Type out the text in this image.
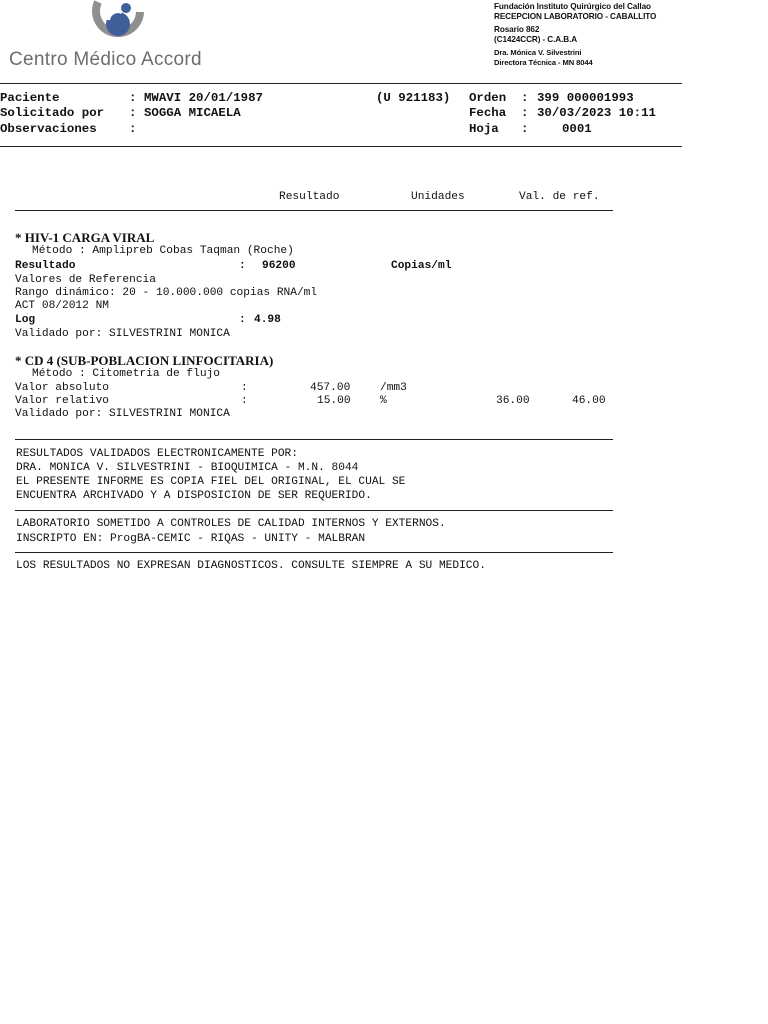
Centro Médico Accord
Fundación Instituto Quirúrgico del Callao
RECEPCION LABORATORIO - CABALLITO
Rosario 862
(C1424CCR) - C.A.B.A
Dra. Mónica V. Silvestrini
Directora Técnica - MN 8044
Paciente	: MWAVI 20/01/1987	(U 921183) Orden : 399 000001993
Solicitado por : SOGGA MICAELA	Fecha : 30/03/2023 10:11
Observaciones	:	Hoja :	0001
Resultado	Unidades	Val. de ref.
* HIV-1 CARGA VIRAL
Método : Amplipreb Cobas Taqman (Roche)
Resultado	: 96200	Copias/ml
Valores de Referencia
Rango dinámico: 20 - 10.000.000 copias RNA/ml
ACT 08/2012 NM
Log	: 4.98
Validado por: SILVESTRINI MONICA
* CD 4 (SUB-POBLACION LINFOCITARIA)
Método : Citometria de flujo
Valor absoluto	:	457.00	/mm3
Valor relativo	:	15.00	%	36.00	46.00
Validado por: SILVESTRINI MONICA
RESULTADOS VALIDADOS ELECTRONICAMENTE POR:
DRA. MONICA V. SILVESTRINI - BIOQUIMICA - M.N. 8044
EL PRESENTE INFORME ES COPIA FIEL DEL ORIGINAL, EL CUAL SE
ENCUENTRA ARCHIVADO Y A DISPOSICION DE SER REQUERIDO.
LABORATORIO SOMETIDO A CONTROLES DE CALIDAD INTERNOS Y EXTERNOS.
INSCRIPTO EN: ProgBA-CEMIC - RIQAS - UNITY - MALBRAN
LOS RESULTADOS NO EXPRESAN DIAGNOSTICOS. CONSULTE SIEMPRE A SU MEDICO.
